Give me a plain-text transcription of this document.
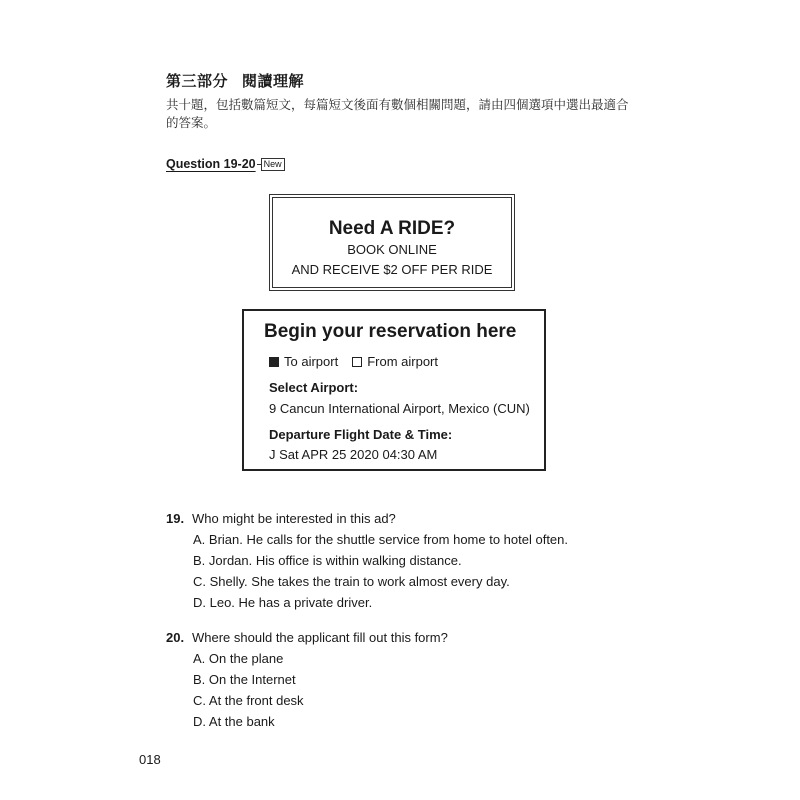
第三部分 閱讀理解
共十題，包括數篇短文，每篇短文後面有數個相關問題，請由四個選項中選出最適合的答案。
Question 19-20 New
Need A RIDE?
BOOK ONLINE
AND RECEIVE $2 OFF PER RIDE
Begin your reservation here
To airport From airport
Select Airport:
9 Cancun International Airport, Mexico (CUN)
Departure Flight Date & Time:
J Sat APR 25 2020 04:30 AM
19. Who might be interested in this ad?
A. Brian. He calls for the shuttle service from home to hotel often.
B. Jordan. His office is within walking distance.
C. Shelly. She takes the train to work almost every day.
D. Leo. He has a private driver.
20. Where should the applicant fill out this form?
A. On the plane
B. On the Internet
C. At the front desk
D. At the bank
018
